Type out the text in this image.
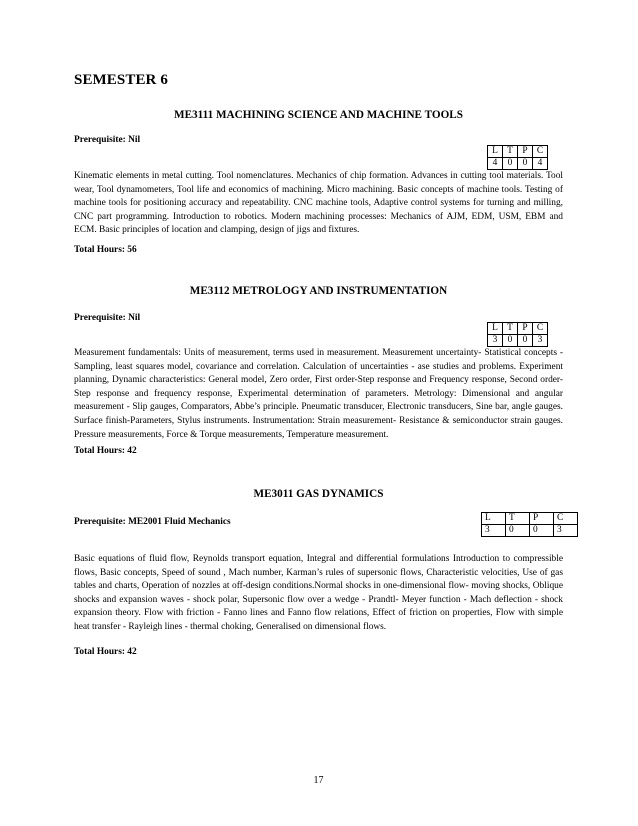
SEMESTER 6
ME3111 MACHINING SCIENCE AND MACHINE TOOLS
Prerequisite: Nil
L	T	P	C
4	0	0	4
Kinematic elements in metal cutting. Tool nomenclatures. Mechanics of chip formation. Advances in cutting tool materials. Tool wear, Tool dynamometers, Tool life and economics of machining. Micro machining. Basic concepts of machine tools. Testing of machine tools for positioning accuracy and repeatability. CNC machine tools, Adaptive control systems for turning and milling, CNC part programming. Introduction to robotics. Modern machining processes: Mechanics of AJM, EDM, USM, EBM and ECM. Basic principles of location and clamping, design of jigs and fixtures.
Total Hours: 56
ME3112 METROLOGY AND INSTRUMENTATION
Prerequisite: Nil
L	T	P	C
3	0	0	3
Measurement fundamentals: Units of measurement, terms used in measurement. Measurement uncertainty- Statistical concepts - Sampling, least squares model, covariance and correlation. Calculation of uncertainties - ase studies and problems. Experiment planning, Dynamic characteristics: General model, Zero order, First order-Step response and Frequency response, Second order-Step response and frequency response, Experimental determination of parameters. Metrology: Dimensional and angular measurement - Slip gauges, Comparators, Abbe’s principle. Pneumatic transducer, Electronic transducers, Sine bar, angle gauges. Surface finish-Parameters, Stylus instruments. Instrumentation: Strain measurement- Resistance & semiconductor strain gauges. Pressure measurements, Force & Torque measurements, Temperature measurement.
Total Hours: 42
ME3011 GAS DYNAMICS
Prerequisite: ME2001 Fluid Mechanics	L	T	P	C
3	0	0	3
Basic equations of fluid flow, Reynolds transport equation, Integral and differential formulations Introduction to compressible flows, Basic concepts, Speed of sound , Mach number, Karman’s rules of supersonic flows, Characteristic velocities, Use of gas tables and charts, Operation of nozzles at off-design conditions.Normal shocks in one-dimensional flow- moving shocks, Oblique shocks and expansion waves - shock polar, Supersonic flow over a wedge - Prandtl- Meyer function - Mach deflection - shock expansion theory. Flow with friction - Fanno lines and Fanno flow relations, Effect of friction on properties, Flow with simple heat transfer - Rayleigh lines - thermal choking, Generalised on dimensional flows.
Total Hours: 42
17
